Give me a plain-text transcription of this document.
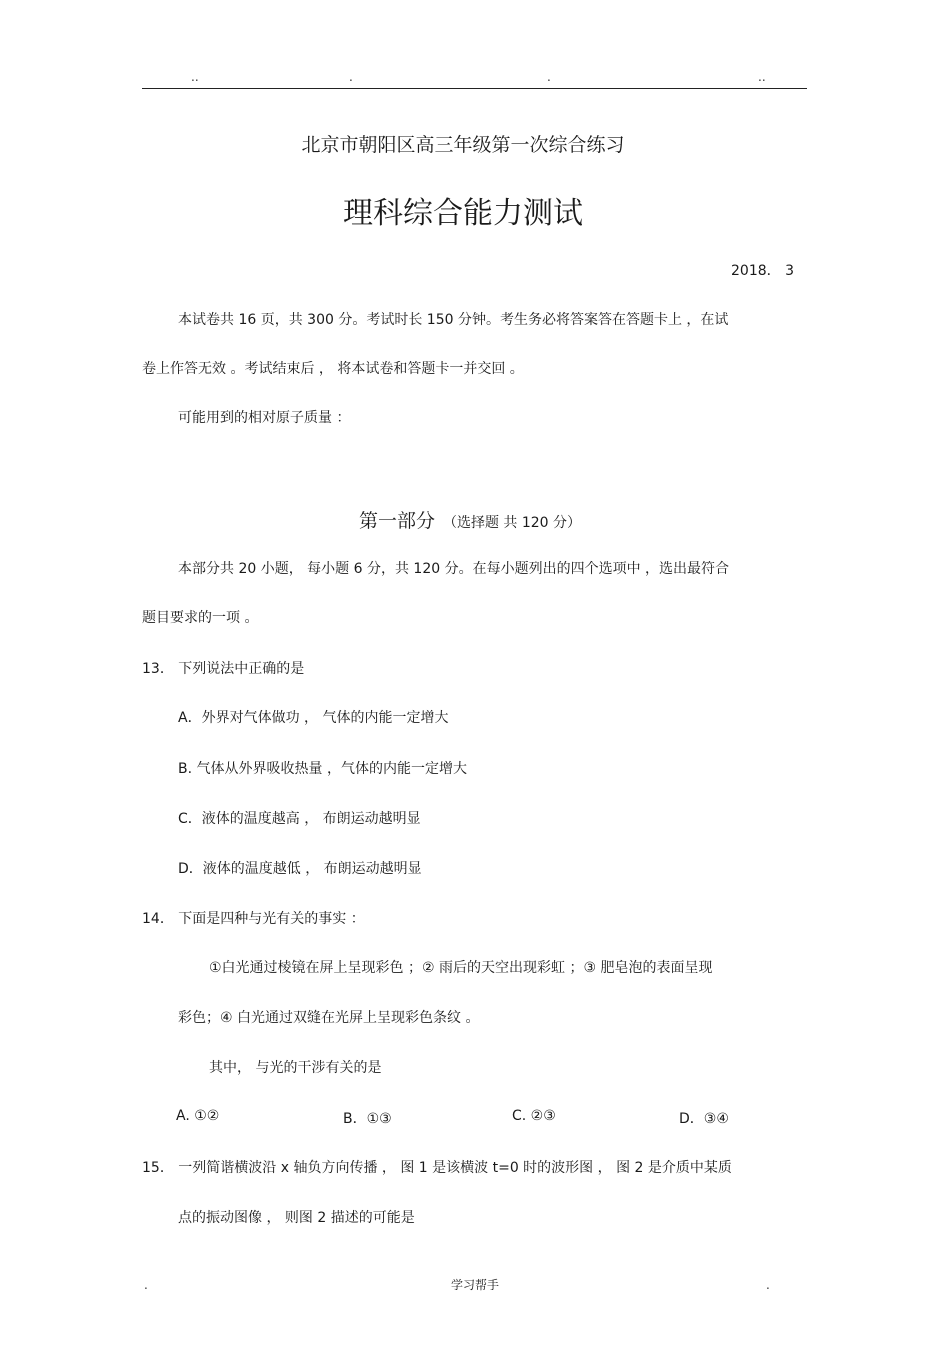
..	.	.	..
北京市朝阳区高三年级第一次综合练习
理科综合能力测试
2018． 3
本试卷共 16 页，共 300 分。考试时长 150 分钟。考生务必将答案答在答题卡上 ，在试
卷上作答无效 。考试结束后 ， 将本试卷和答题卡一并交回 。
可能用到的相对原子质量 ：
第一部分 （选择题 共 120 分）
本部分共 20 小题， 每小题 6 分，共 120 分。在每小题列出的四个选项中 ，选出最符合
题目要求的一项 。
13． 下列说法中正确的是
A．外界对气体做功 ， 气体的内能一定增大
B. 气体从外界吸收热量 ，气体的内能一定增大
C．液体的温度越高 ， 布朗运动越明显
D．液体的温度越低 ， 布朗运动越明显
14． 下面是四种与光有关的事实 ：
①白光通过棱镜在屏上呈现彩色 ；② 雨后的天空出现彩虹 ；③ 肥皂泡的表面呈现
彩色；④ 白光通过双缝在光屏上呈现彩色条纹 。
其中， 与光的干涉有关的是
A. ①②	B．①③	C. ②③	D．③④
15． 一列简谐横波沿 x 轴负方向传播 ， 图 1 是该横波 t=0 时的波形图 ， 图 2 是介质中某质
点的振动图像 ， 则图 2 描述的可能是
.	学习帮手	.
